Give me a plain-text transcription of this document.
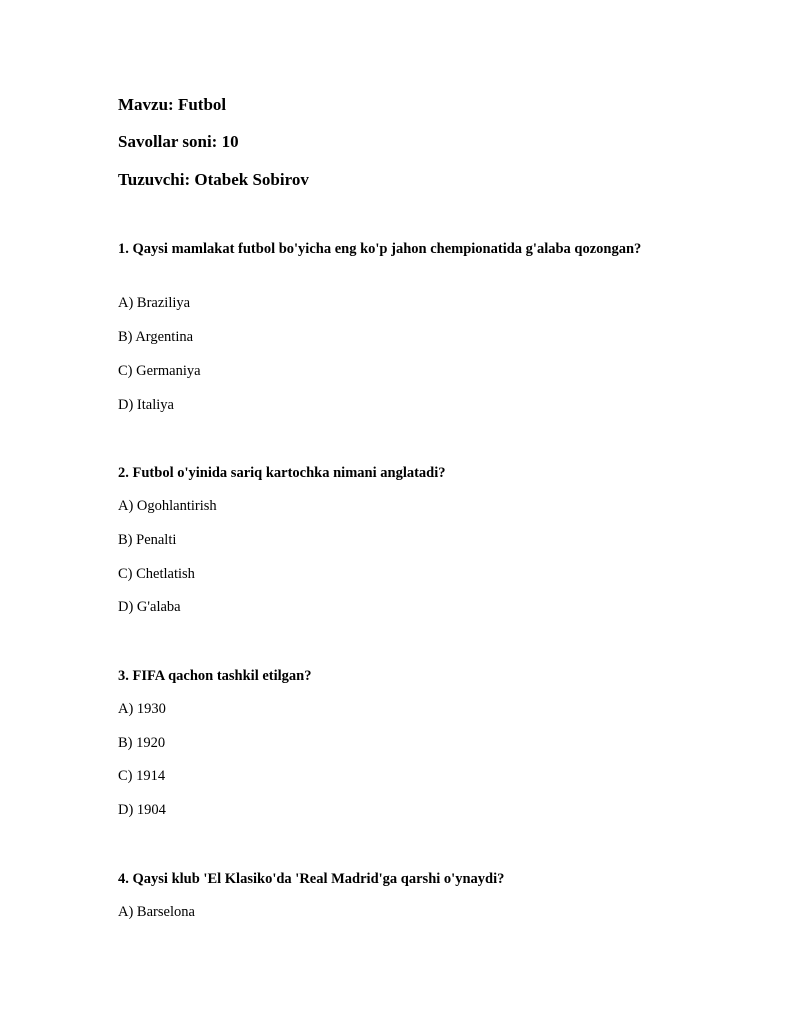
Mavzu: Futbol
Savollar soni: 10
Tuzuvchi: Otabek Sobirov
1. Qaysi mamlakat futbol bo'yicha eng ko'p jahon chempionatida g'alaba qozongan?
A) Braziliya
B) Argentina
C) Germaniya
D) Italiya
2. Futbol o'yinida sariq kartochka nimani anglatadi?
A) Ogohlantirish
B) Penalti
C) Chetlatish
D) G'alaba
3. FIFA qachon tashkil etilgan?
A) 1930
B) 1920
C) 1914
D) 1904
4. Qaysi klub 'El Klasiko'da 'Real Madrid'ga qarshi o'ynaydi?
A) Barselona
